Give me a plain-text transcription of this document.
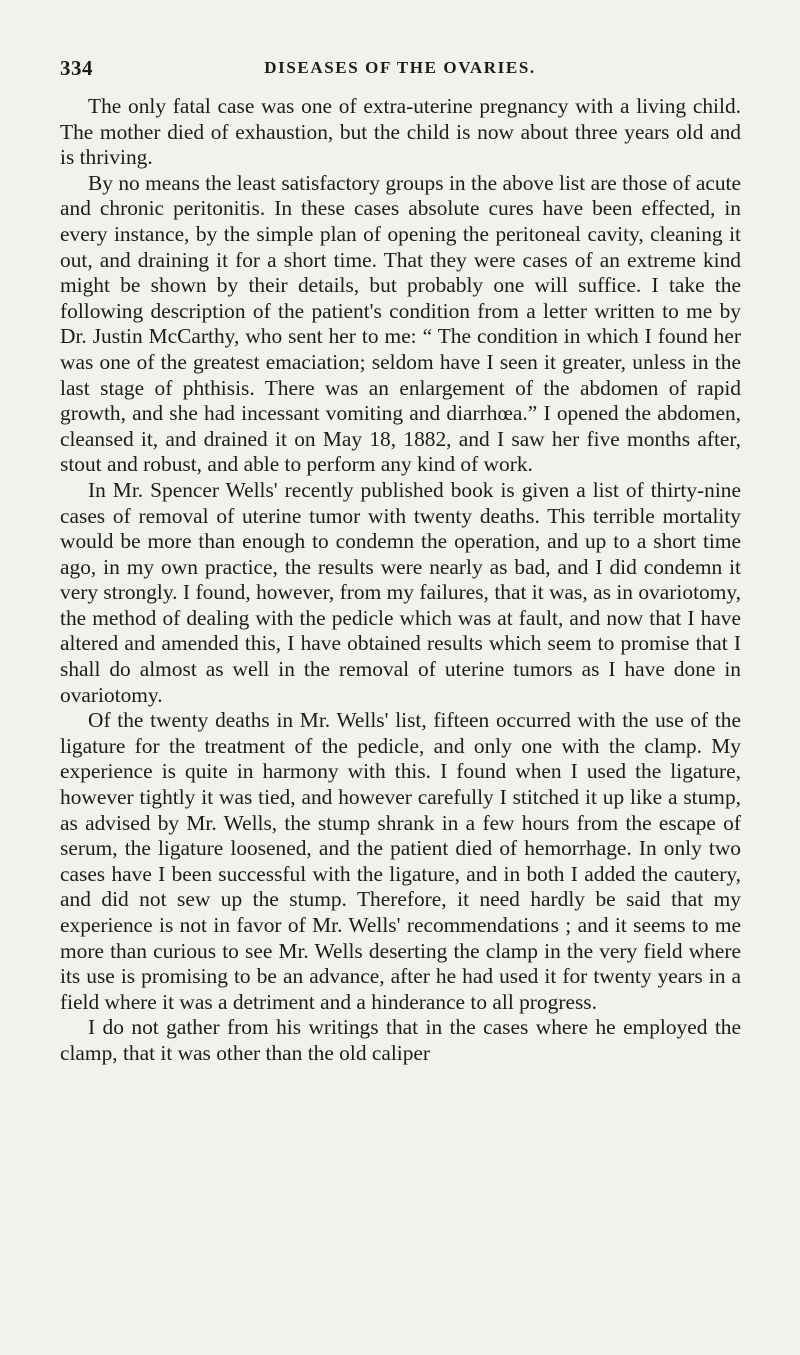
334	DISEASES OF THE OVARIES.

The only fatal case was one of extra-uterine pregnancy with a living child. The mother died of exhaustion, but the child is now about three years old and is thriving.

By no means the least satisfactory groups in the above list are those of acute and chronic peritonitis. In these cases absolute cures have been effected, in every instance, by the simple plan of opening the peritoneal cavity, cleaning it out, and draining it for a short time. That they were cases of an extreme kind might be shown by their details, but probably one will suffice. I take the following description of the patient's condition from a letter written to me by Dr. Justin McCarthy, who sent her to me: “ The condition in which I found her was one of the greatest emaciation; seldom have I seen it greater, unless in the last stage of phthisis. There was an enlargement of the abdomen of rapid growth, and she had incessant vomiting and diarrhœa.” I opened the abdomen, cleansed it, and drained it on May 18, 1882, and I saw her five months after, stout and robust, and able to perform any kind of work.

In Mr. Spencer Wells' recently published book is given a list of thirty-nine cases of removal of uterine tumor with twenty deaths. This terrible mortality would be more than enough to condemn the operation, and up to a short time ago, in my own practice, the results were nearly as bad, and I did condemn it very strongly. I found, however, from my failures, that it was, as in ovariotomy, the method of dealing with the pedicle which was at fault, and now that I have altered and amended this, I have obtained results which seem to promise that I shall do almost as well in the removal of uterine tumors as I have done in ovariotomy.

Of the twenty deaths in Mr. Wells' list, fifteen occurred with the use of the ligature for the treatment of the pedicle, and only one with the clamp. My experience is quite in harmony with this. I found when I used the ligature, however tightly it was tied, and however carefully I stitched it up like a stump, as advised by Mr. Wells, the stump shrank in a few hours from the escape of serum, the ligature loosened, and the patient died of hemorrhage. In only two cases have I been successful with the ligature, and in both I added the cautery, and did not sew up the stump. Therefore, it need hardly be said that my experience is not in favor of Mr. Wells' recommendations ; and it seems to me more than curious to see Mr. Wells deserting the clamp in the very field where its use is promising to be an advance, after he had used it for twenty years in a field where it was a detriment and a hinderance to all progress.

I do not gather from his writings that in the cases where he employed the clamp, that it was other than the old caliper
